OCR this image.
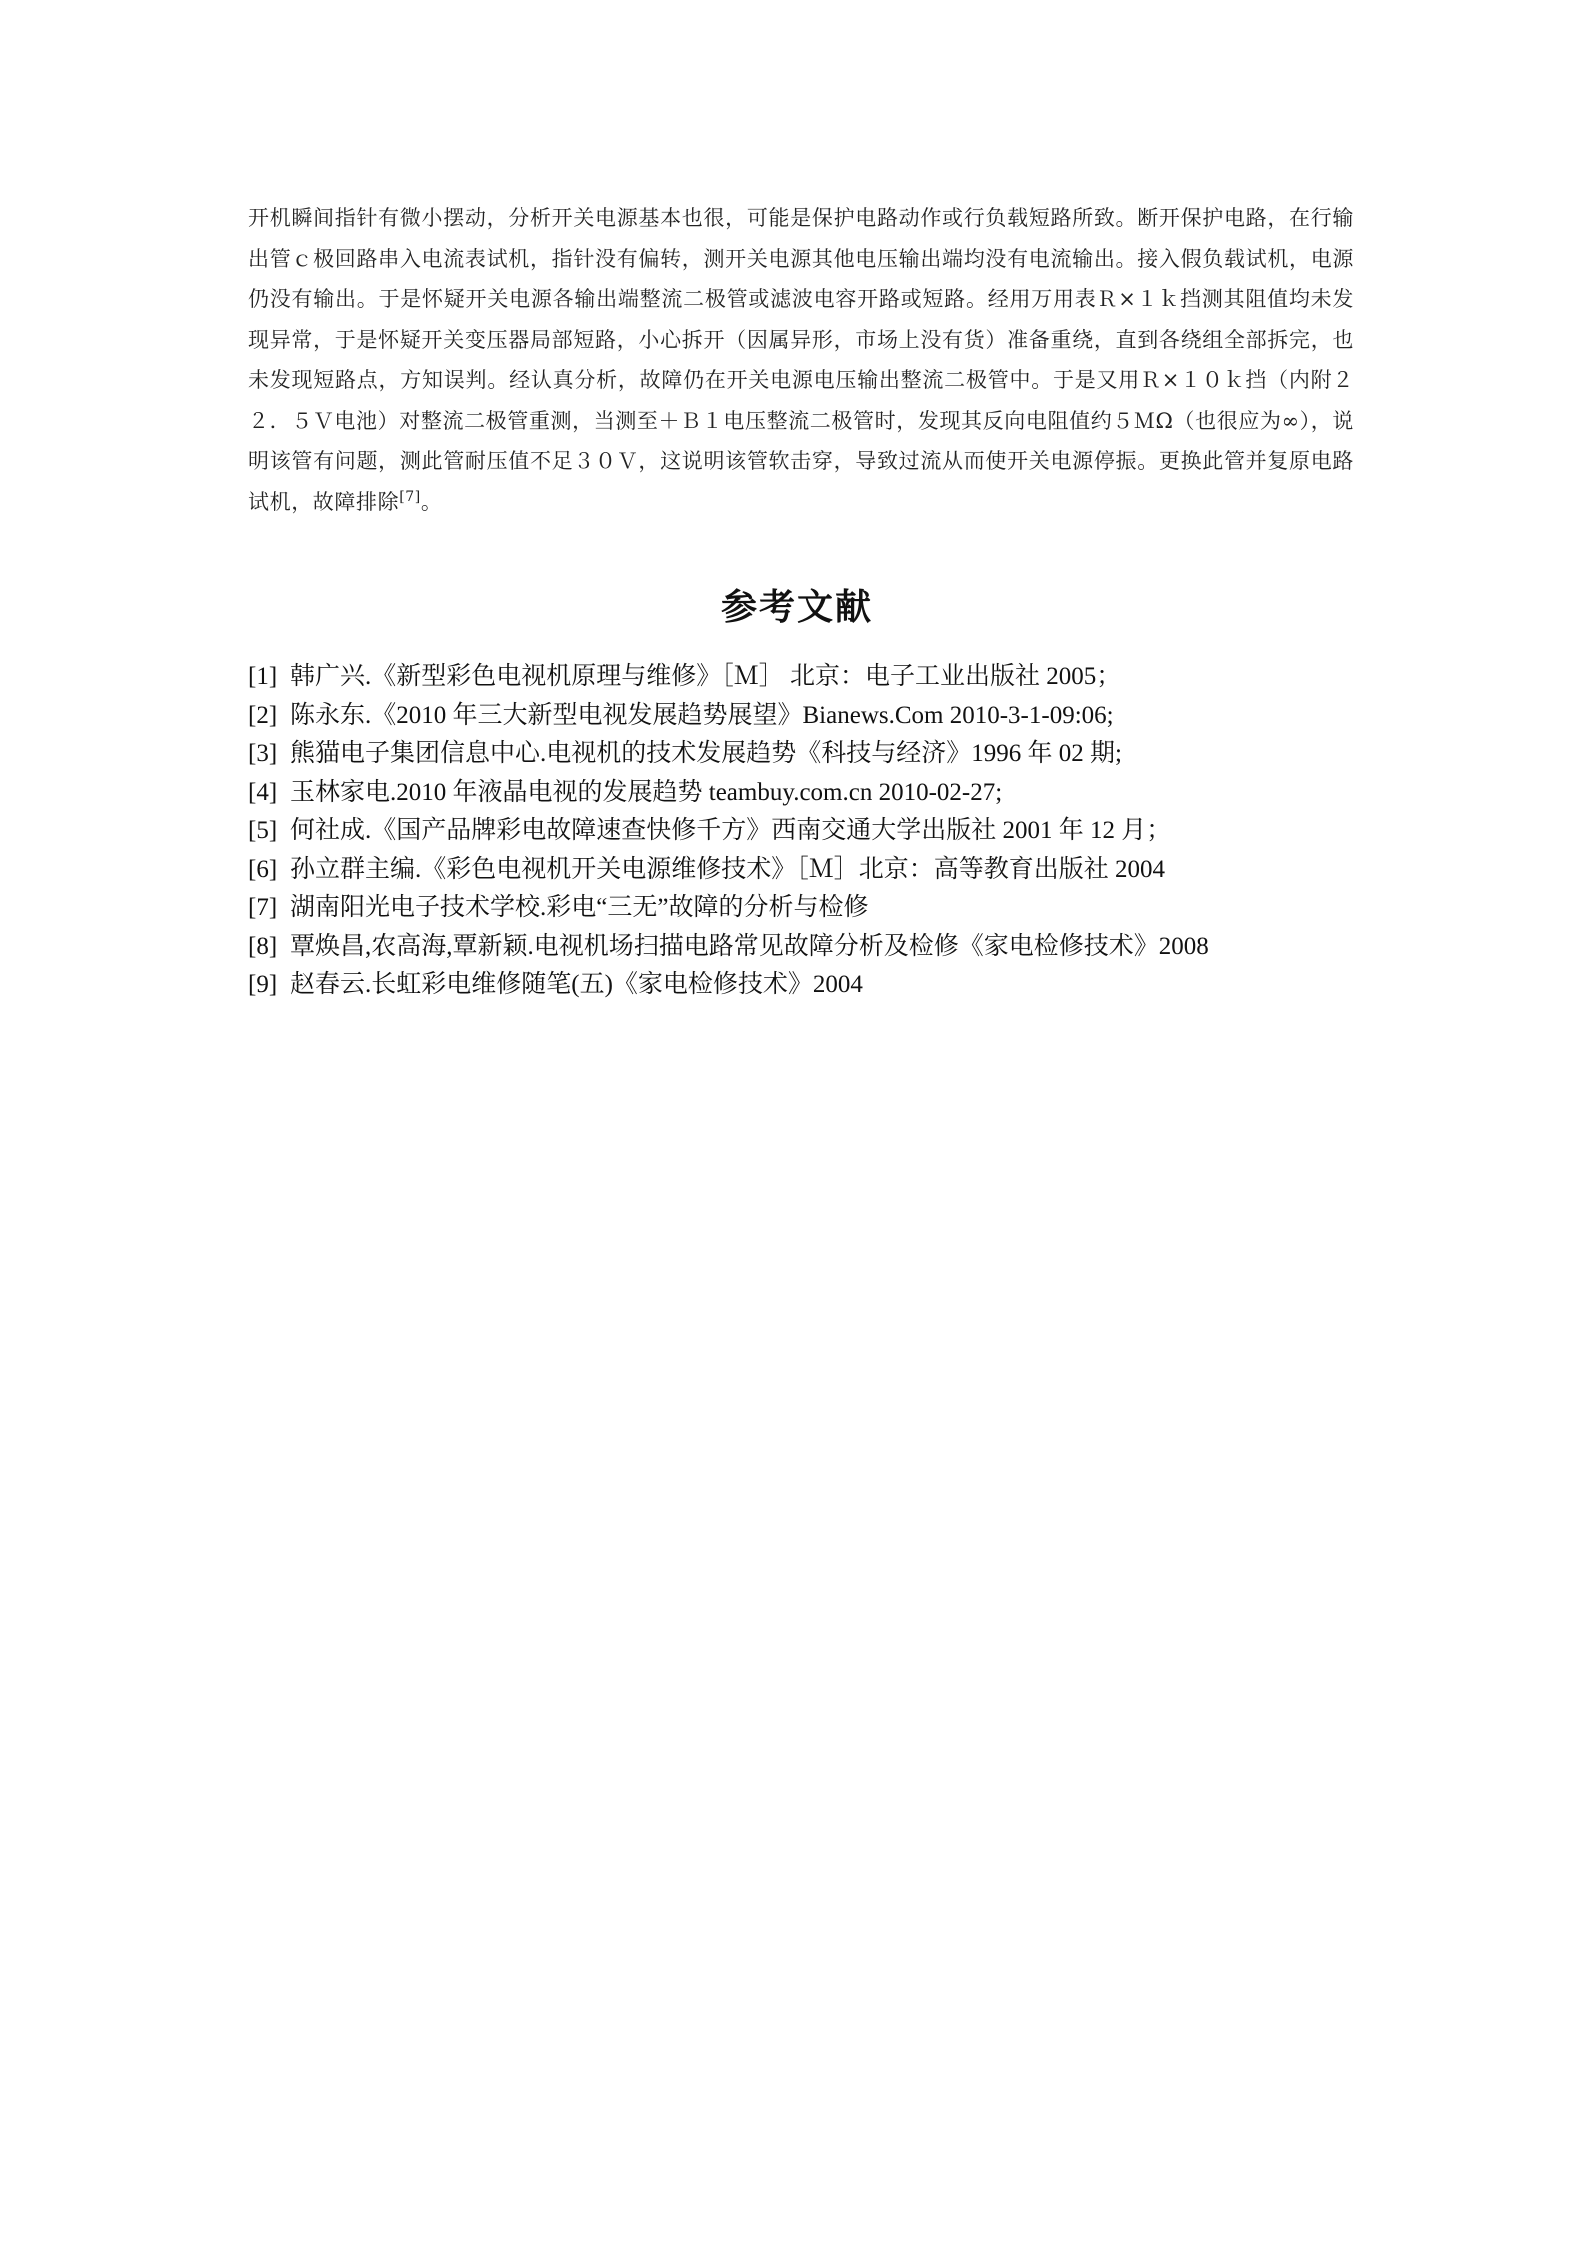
开机瞬间指针有微小摆动，分析开关电源基本也很，可能是保护电路动作或行负载短路所致。断开保护电路，在行输出管ｃ极回路串入电流表试机，指针没有偏转，测开关电源其他电压输出端均没有电流输出。接入假负载试机，电源仍没有输出。于是怀疑开关电源各输出端整流二极管或滤波电容开路或短路。经用万用表Ｒ×１ｋ挡测其阻值均未发现异常，于是怀疑开关变压器局部短路，小心拆开（因属异形，市场上没有货）准备重绕，直到各绕组全部拆完，也未发现短路点，方知误判。经认真分析，故障仍在开关电源电压输出整流二极管中。于是又用Ｒ×１０ｋ挡（内附２２．５Ｖ电池）对整流二极管重测，当测至＋Ｂ１电压整流二极管时，发现其反向电阻值约５ＭΩ（也很应为∞），说明该管有问题，测此管耐压值不足３０Ｖ，这说明该管软击穿，导致过流从而使开关电源停振。更换此管并复原电路试机，故障排除[7]。

参考文献
[1] 韩广兴.《新型彩色电视机原理与维修》［Ｍ］ 北京：电子工业出版社 2005；
[2] 陈永东.《2010 年三大新型电视发展趋势展望》Bianews.Com 2010-3-1-09:06;
[3] 熊猫电子集团信息中心.电视机的技术发展趋势《科技与经济》1996 年 02 期;
[4] 玉林家电.2010 年液晶电视的发展趋势 teambuy.com.cn 2010-02-27;
[5] 何社成.《国产品牌彩电故障速查快修千方》西南交通大学出版社 2001 年 12 月；
[6] 孙立群主编.《彩色电视机开关电源维修技术》［Ｍ］北京：高等教育出版社 2004
[7] 湖南阳光电子技术学校.彩电“三无”故障的分析与检修
[8] 覃焕昌,农高海,覃新颖.电视机场扫描电路常见故障分析及检修《家电检修技术》2008
[9] 赵春云.长虹彩电维修随笔(五)《家电检修技术》2004
